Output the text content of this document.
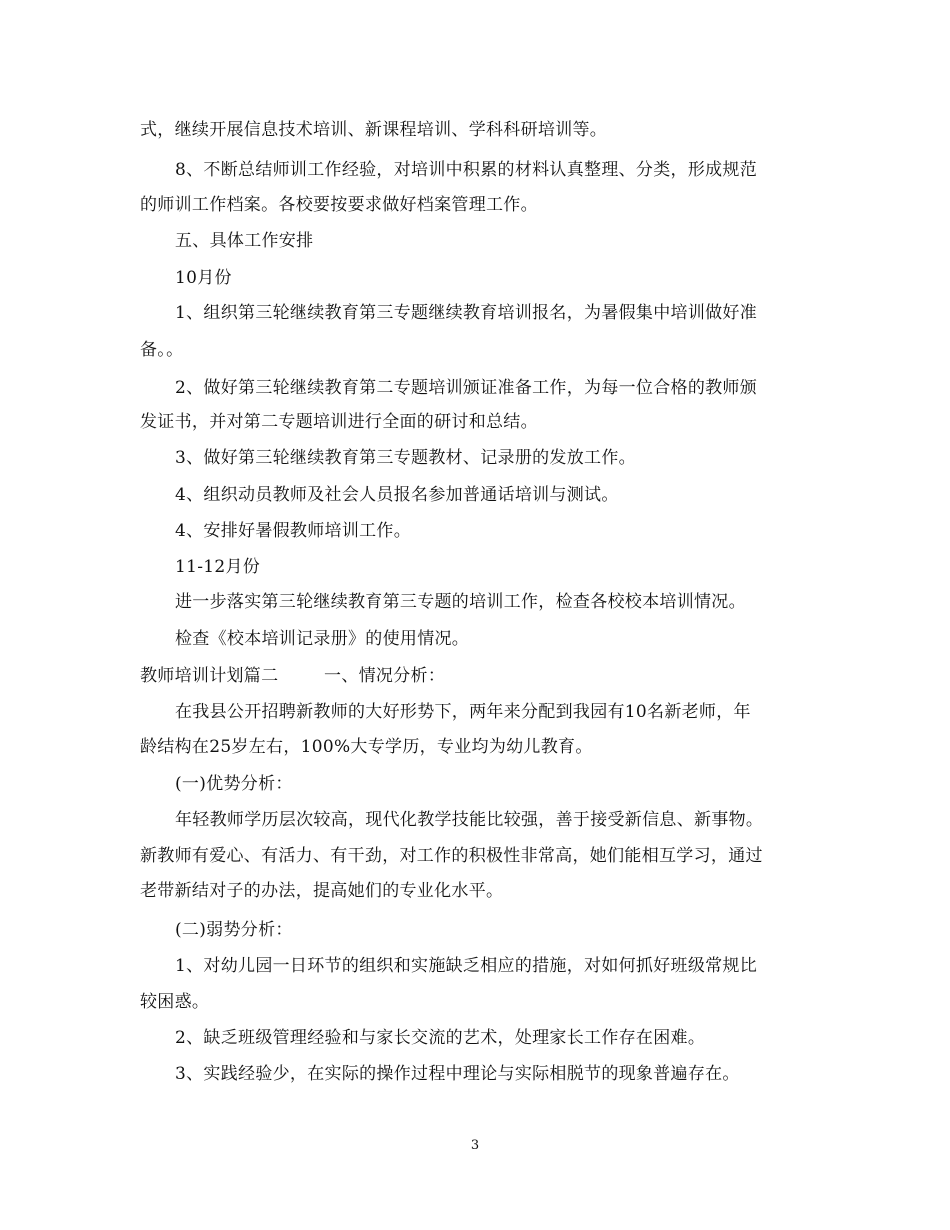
式，继续开展信息技术培训、新课程培训、学科科研培训等。
8、不断总结师训工作经验，对培训中积累的材料认真整理、分类，形成规范
的师训工作档案。各校要按要求做好档案管理工作。
五、具体工作安排
10月份
1、组织第三轮继续教育第三专题继续教育培训报名，为暑假集中培训做好准
备。。
2、做好第三轮继续教育第二专题培训颁证准备工作，为每一位合格的教师颁
发证书，并对第二专题培训进行全面的研讨和总结。
3、做好第三轮继续教育第三专题教材、记录册的发放工作。
4、组织动员教师及社会人员报名参加普通话培训与测试。
4、安排好暑假教师培训工作。
11-12月份
进一步落实第三轮继续教育第三专题的培训工作，检查各校校本培训情况。
检查《校本培训记录册》的使用情况。
教师培训计划篇二        一、情况分析：
在我县公开招聘新教师的大好形势下，两年来分配到我园有10名新老师，年
龄结构在25岁左右，100%大专学历，专业均为幼儿教育。
(一)优势分析：
年轻教师学历层次较高，现代化教学技能比较强，善于接受新信息、新事物。
新教师有爱心、有活力、有干劲，对工作的积极性非常高，她们能相互学习，通过
老带新结对子的办法，提高她们的专业化水平。
(二)弱势分析：
1、对幼儿园一日环节的组织和实施缺乏相应的措施，对如何抓好班级常规比
较困惑。
2、缺乏班级管理经验和与家长交流的艺术，处理家长工作存在困难。
3、实践经验少，在实际的操作过程中理论与实际相脱节的现象普遍存在。
3
